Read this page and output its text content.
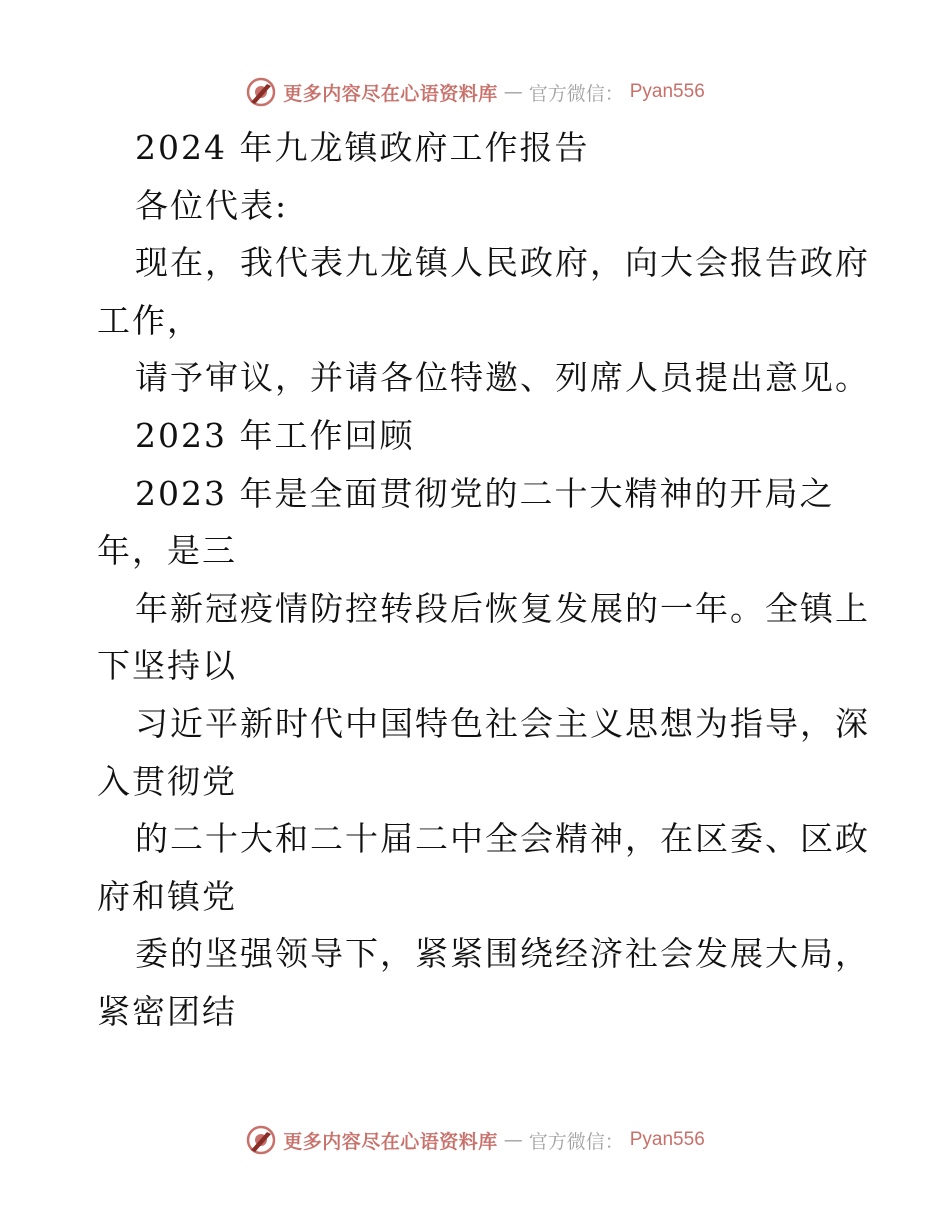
更多内容尽在心语资料库 — 官方微信： Pyan556
2024 年九龙镇政府工作报告
各位代表:
现在，我代表九龙镇人民政府，向大会报告政府
工作，
请予审议，并请各位特邀、列席人员提出意见。
2023 年工作回顾
2023 年是全面贯彻党的二十大精神的开局之
年，是三
年新冠疫情防控转段后恢复发展的一年。全镇上
下坚持以
习近平新时代中国特色社会主义思想为指导，深
入贯彻党
的二十大和二十届二中全会精神，在区委、区政
府和镇党
委的坚强领导下，紧紧围绕经济社会发展大局，
紧密团结
更多内容尽在心语资料库 — 官方微信： Pyan556
